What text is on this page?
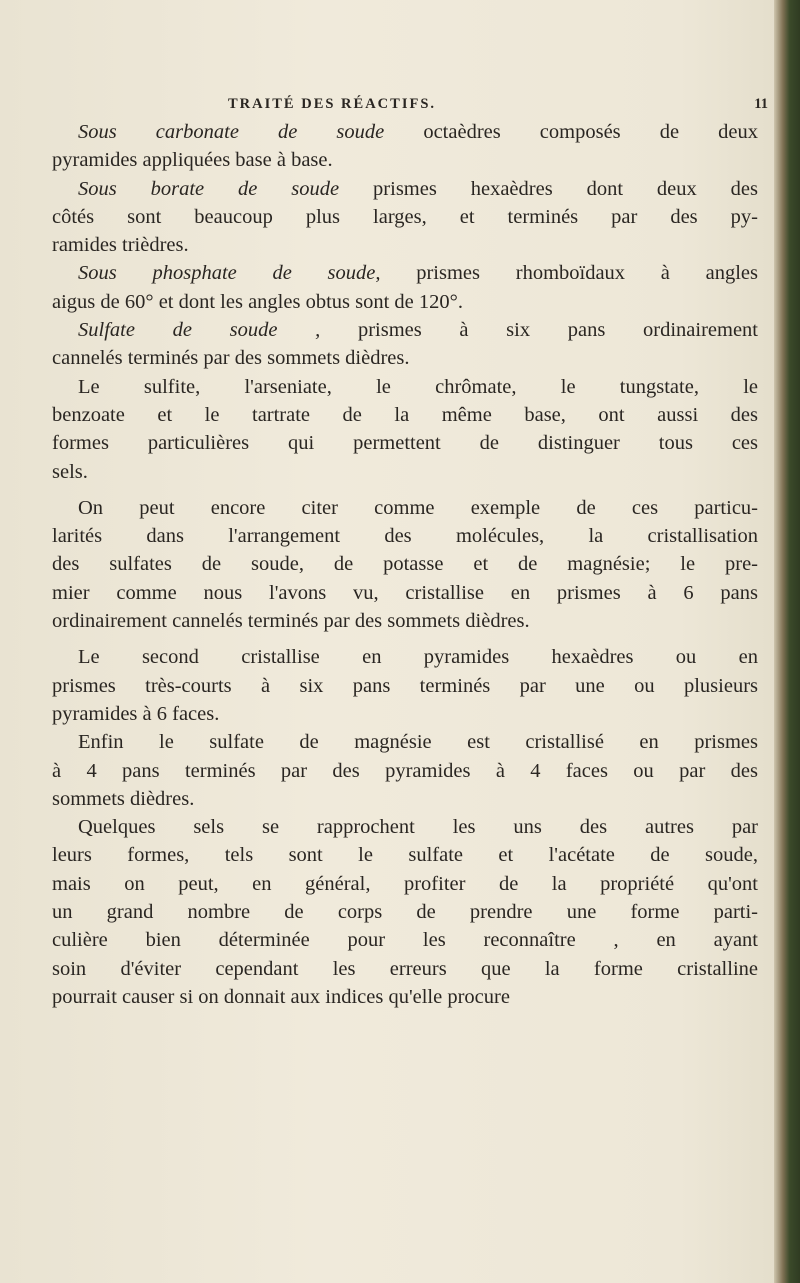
TRAITÉ DES RÉACTIFS.	11
Sous carbonate de soude octaèdres composés de deux
pyramides appliquées base à base.
Sous borate de soude prismes hexaèdres dont deux des
côtés sont beaucoup plus larges, et terminés par des py-
ramides trièdres.
Sous phosphate de soude, prismes rhomboïdaux à angles
aigus de 60° et dont les angles obtus sont de 120°.
Sulfate de soude , prismes à six pans ordinairement
cannelés terminés par des sommets dièdres.
Le sulfite, l'arseniate, le chrômate, le tungstate, le
benzoate et le tartrate de la même base, ont aussi des
formes particulières qui permettent de distinguer tous ces
sels.
On peut encore citer comme exemple de ces particu-
larités dans l'arrangement des molécules, la cristallisation
des sulfates de soude, de potasse et de magnésie; le pre-
mier comme nous l'avons vu, cristallise en prismes à 6 pans
ordinairement cannelés terminés par des sommets dièdres.
Le second cristallise en pyramides hexaèdres ou en
prismes très-courts à six pans terminés par une ou plusieurs
pyramides à 6 faces.
Enfin le sulfate de magnésie est cristallisé en prismes
à 4 pans terminés par des pyramides à 4 faces ou par des
sommets dièdres.
Quelques sels se rapprochent les uns des autres par
leurs formes, tels sont le sulfate et l'acétate de soude,
mais on peut, en général, profiter de la propriété qu'ont
un grand nombre de corps de prendre une forme parti-
culière bien déterminée pour les reconnaître , en ayant
soin d'éviter cependant les erreurs que la forme cristalline
pourrait causer si on donnait aux indices qu'elle procure
